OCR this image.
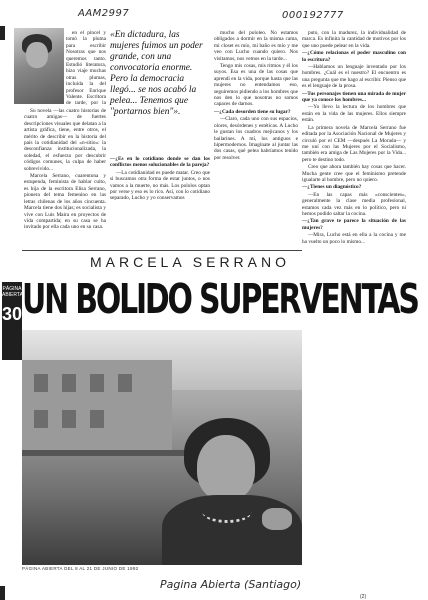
AAM2997	000192777

en el pincel y tomó la pluma para escribir Nosotras que nos queremos tanto. Estudió literatura, hizo viaje muchas otras plumas, incluida la del profesor Enrique Valente. Escritora de tarde, por la

Su novela —las cuatro historias de cuatro amigas— de fuertes descripciones visuales que delatan a la artista gráfica, tiene, entre otros, el mérito de describir en la historia del país la cotidianidad del «n-sitio»: la desconfianza institucionalizada, la soledad, el esfuerzo por descubrir códigos comunes, la culpa de haber sobrevivido...

Marcela Serrano, cuarentona y estupenda, feminista de hablar culto, es hija de la escritora Elisa Serrano, pionera del tema femenino en las letras chilenas de los años cincuenta. Marcela tiene dos hijas; es socialista y vive con Luis Maira en proyectos de vida compartida; en su casa se ha invitado por ella cada uno en su casa.

«En dictadura, las mujeres fuimos un poder grande, con una convocatoria enorme. Pero la democracia llegó... se nos acabó la pelea... Tenemos que "portarnos bien"».

—¿Es en lo cotidiano donde se dan los conflictos menos solucionables de la pareja?

—La cotidianidad es puede matar. Creo que si buscamos otra forma de estar juntos, o nos vamos a la muerte, no más. Los pololos optan por verse y eso es lo rico. Así, con lo cotidiano separado, Lucho y yo conservamos

mucho del pololeo. No estamos obligados a dormir en la misma cama, mi closet es mío, mi baño es mío y me veo con Lucho cuando quiero. Nos visitamos, nos vemos en la tarde...

Tengo mis cosas, mis ritmos y él los suyos. Esa es una de las cosas que aprendí en la vida, porque hasta que las mujeres no entendamos eso, seguiremos pidiendo a los hombres que nos den lo que nosotras no somos capaces de darnos.

—¿Cada desorden tiene su lugar?

—Claro, cada uno con sus espacios, olores, desórdenes y estéticas. A Lucho le gustan los cuadros mejicanos y los bailarines. A mí, los antiguos e hipermodernos. Imagínate al juntar las dos casas, qué pelea habríamos tenido por resolver.

puto, con la madurez, la individualidad de marca. Es infinita la cantidad de motivos por los que uno puede pelear en la vida.

—¿Cómo relacionas el poder masculino con lo escritura?

—Hablamos un lenguaje inventado por los hombres. ¿Cuál es el nuestro? El encuentro es una pregunta que me hago al escribir. Pienso que es el lenguaje de la prosa.

—Tus personajes tienen una mirada de mujer que ya conoce los hombres...

—Yo llevo la lectura de los hombres que están en la vida de las mujeres. Ellos siempre están.

La primera novela de Marcela Serrano fue editada por la Asociación Nacional de Mujeres y circuló por el CEM —después La Morada— y me uní con las Mujeres por el Socialismo, también era amiga de Las Mujeres por la Vida... pero te destino todo.

Creo que ahora también hay cosas que hacer. Mucha gente cree que el feminismo pretende igualarte al hombre, pero no quiero.

—¿Tienes un diagnóstico?

—En las capas más «conscientes», generalmente la clase media profesional, estamos cada vez más en lo político, pero ni hemos podido saltar la cocina.

—¿Tan grave te parece la situación de las mujeres?

—Mira, Lucho está en ella a la cocina y me ha vuelto un poco lo mismo...

MARCELA SERRANO
PÁGINA ABIERTA
30 UN BOLIDO SUPERVENTAS
PÁGINA ABIERTA DEL 8 AL 21 DE JUNIO DE 1992
Pagina Abierta (Santiago)
(2)
